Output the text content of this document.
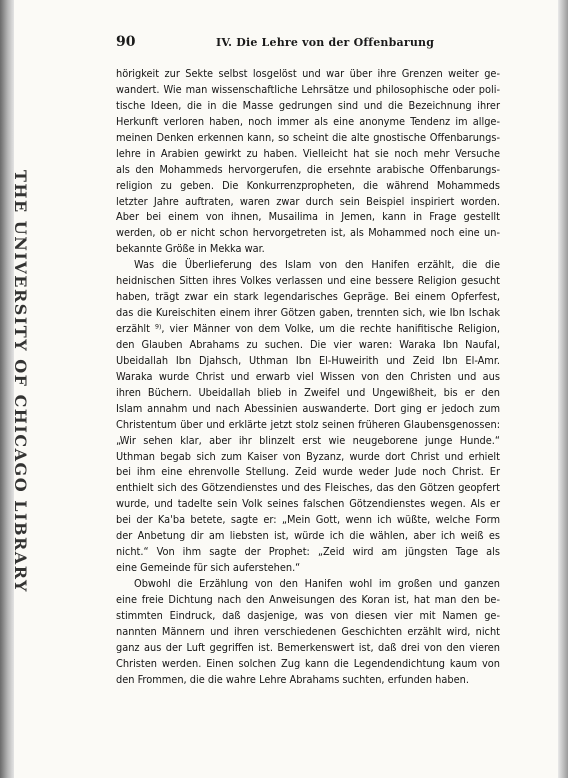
THE UNIVERSITY OF CHICAGO LIBRARY
90	IV. Die Lehre von der Offenbarung
hörigkeit zur Sekte selbst losgelöst und war über ihre Grenzen weiter ge-
wandert. Wie man wissenschaftliche Lehrsätze und philosophische oder poli-
tische Ideen, die in die Masse gedrungen sind und die Bezeichnung ihrer
Herkunft verloren haben, noch immer als eine anonyme Tendenz im allge-
meinen Denken erkennen kann, so scheint die alte gnostische Offenbarungs-
lehre in Arabien gewirkt zu haben. Vielleicht hat sie noch mehr Versuche
als den Mohammeds hervorgerufen, die ersehnte arabische Offenbarungs-
religion zu geben. Die Konkurrenzpropheten, die während Mohammeds
letzter Jahre auftraten, waren zwar durch sein Beispiel inspiriert worden.
Aber bei einem von ihnen, Musailima in Jemen, kann in Frage gestellt
werden, ob er nicht schon hervorgetreten ist, als Mohammed noch eine un-
bekannte Größe in Mekka war.
Was die Überlieferung des Islam von den Hanifen erzählt, die die
heidnischen Sitten ihres Volkes verlassen und eine bessere Religion gesucht
haben, trägt zwar ein stark legendarisches Gepräge. Bei einem Opferfest,
das die Kureischiten einem ihrer Götzen gaben, trennten sich, wie Ibn Ischak
erzählt ⁹⁾, vier Männer von dem Volke, um die rechte hanifitische Religion,
den Glauben Abrahams zu suchen. Die vier waren: Waraka Ibn Naufal,
Ubeidallah Ibn Djahsch, Uthman Ibn El-Huweirith und Zeid Ibn El-Amr.
Waraka wurde Christ und erwarb viel Wissen von den Christen und aus
ihren Büchern. Ubeidallah blieb in Zweifel und Ungewißheit, bis er den
Islam annahm und nach Abessinien auswanderte. Dort ging er jedoch zum
Christentum über und erklärte jetzt stolz seinen früheren Glaubensgenossen:
„Wir sehen klar, aber ihr blinzelt erst wie neugeborene junge Hunde.“
Uthman begab sich zum Kaiser von Byzanz, wurde dort Christ und erhielt
bei ihm eine ehrenvolle Stellung. Zeid wurde weder Jude noch Christ. Er
enthielt sich des Götzendienstes und des Fleisches, das den Götzen geopfert
wurde, und tadelte sein Volk seines falschen Götzendienstes wegen. Als er
bei der Ka'ba betete, sagte er: „Mein Gott, wenn ich wüßte, welche Form
der Anbetung dir am liebsten ist, würde ich die wählen, aber ich weiß es
nicht.“ Von ihm sagte der Prophet: „Zeid wird am jüngsten Tage als
eine Gemeinde für sich auferstehen.“
Obwohl die Erzählung von den Hanifen wohl im großen und ganzen
eine freie Dichtung nach den Anweisungen des Koran ist, hat man den be-
stimmten Eindruck, daß dasjenige, was von diesen vier mit Namen ge-
nannten Männern und ihren verschiedenen Geschichten erzählt wird, nicht
ganz aus der Luft gegriffen ist. Bemerkenswert ist, daß drei von den vieren
Christen werden. Einen solchen Zug kann die Legendendichtung kaum von
den Frommen, die die wahre Lehre Abrahams suchten, erfunden haben.
